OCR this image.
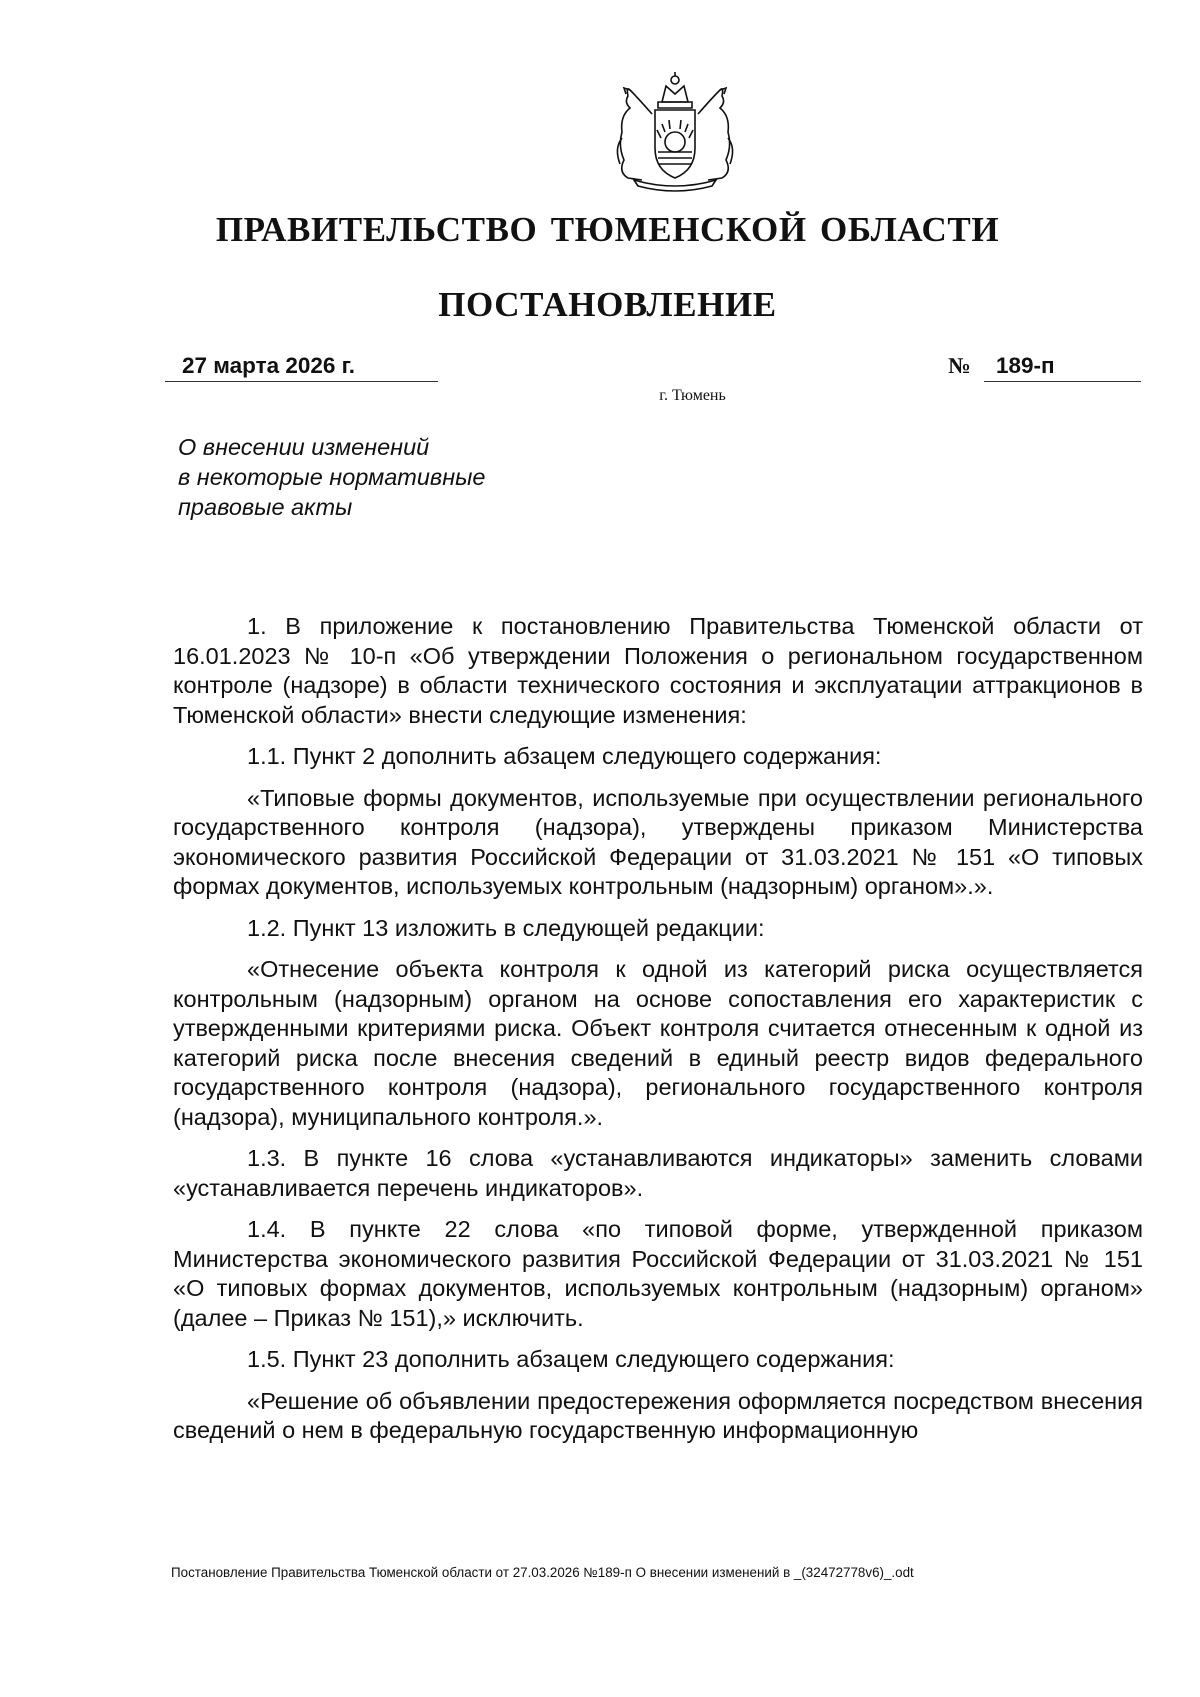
ПРАВИТЕЛЬСТВО ТЮМЕНСКОЙ ОБЛАСТИ
ПОСТАНОВЛЕНИЕ
27 марта 2026 г.	№	189-п
г. Тюмень
О внесении изменений
в некоторые нормативные
правовые акты

1. В приложение к постановлению Правительства Тюменской области от 16.01.2023 № 10-п «Об утверждении Положения о региональном государственном контроле (надзоре) в области технического состояния и эксплуатации аттракционов в Тюменской области» внести следующие изменения:

1.1. Пункт 2 дополнить абзацем следующего содержания:

«Типовые формы документов, используемые при осуществлении регионального государственного контроля (надзора), утверждены приказом Министерства экономического развития Российской Федерации от 31.03.2021 № 151 «О типовых формах документов, используемых контрольным (надзорным) органом».».

1.2. Пункт 13 изложить в следующей редакции:

«Отнесение объекта контроля к одной из категорий риска осуществляется контрольным (надзорным) органом на основе сопоставления его характеристик с утвержденными критериями риска. Объект контроля считается отнесенным к одной из категорий риска после внесения сведений в единый реестр видов федерального государственного контроля (надзора), регионального государственного контроля (надзора), муниципального контроля.».

1.3. В пункте 16 слова «устанавливаются индикаторы» заменить словами «устанавливается перечень индикаторов».

1.4. В пункте 22 слова «по типовой форме, утвержденной приказом Министерства экономического развития Российской Федерации от 31.03.2021 № 151 «О типовых формах документов, используемых контрольным (надзорным) органом» (далее – Приказ № 151),» исключить.

1.5. Пункт 23 дополнить абзацем следующего содержания:

«Решение об объявлении предостережения оформляется посредством внесения сведений о нем в федеральную государственную информационную

Постановление Правительства Тюменской области от 27.03.2026 №189-п О внесении изменений в _(32472778v6)_.odt
